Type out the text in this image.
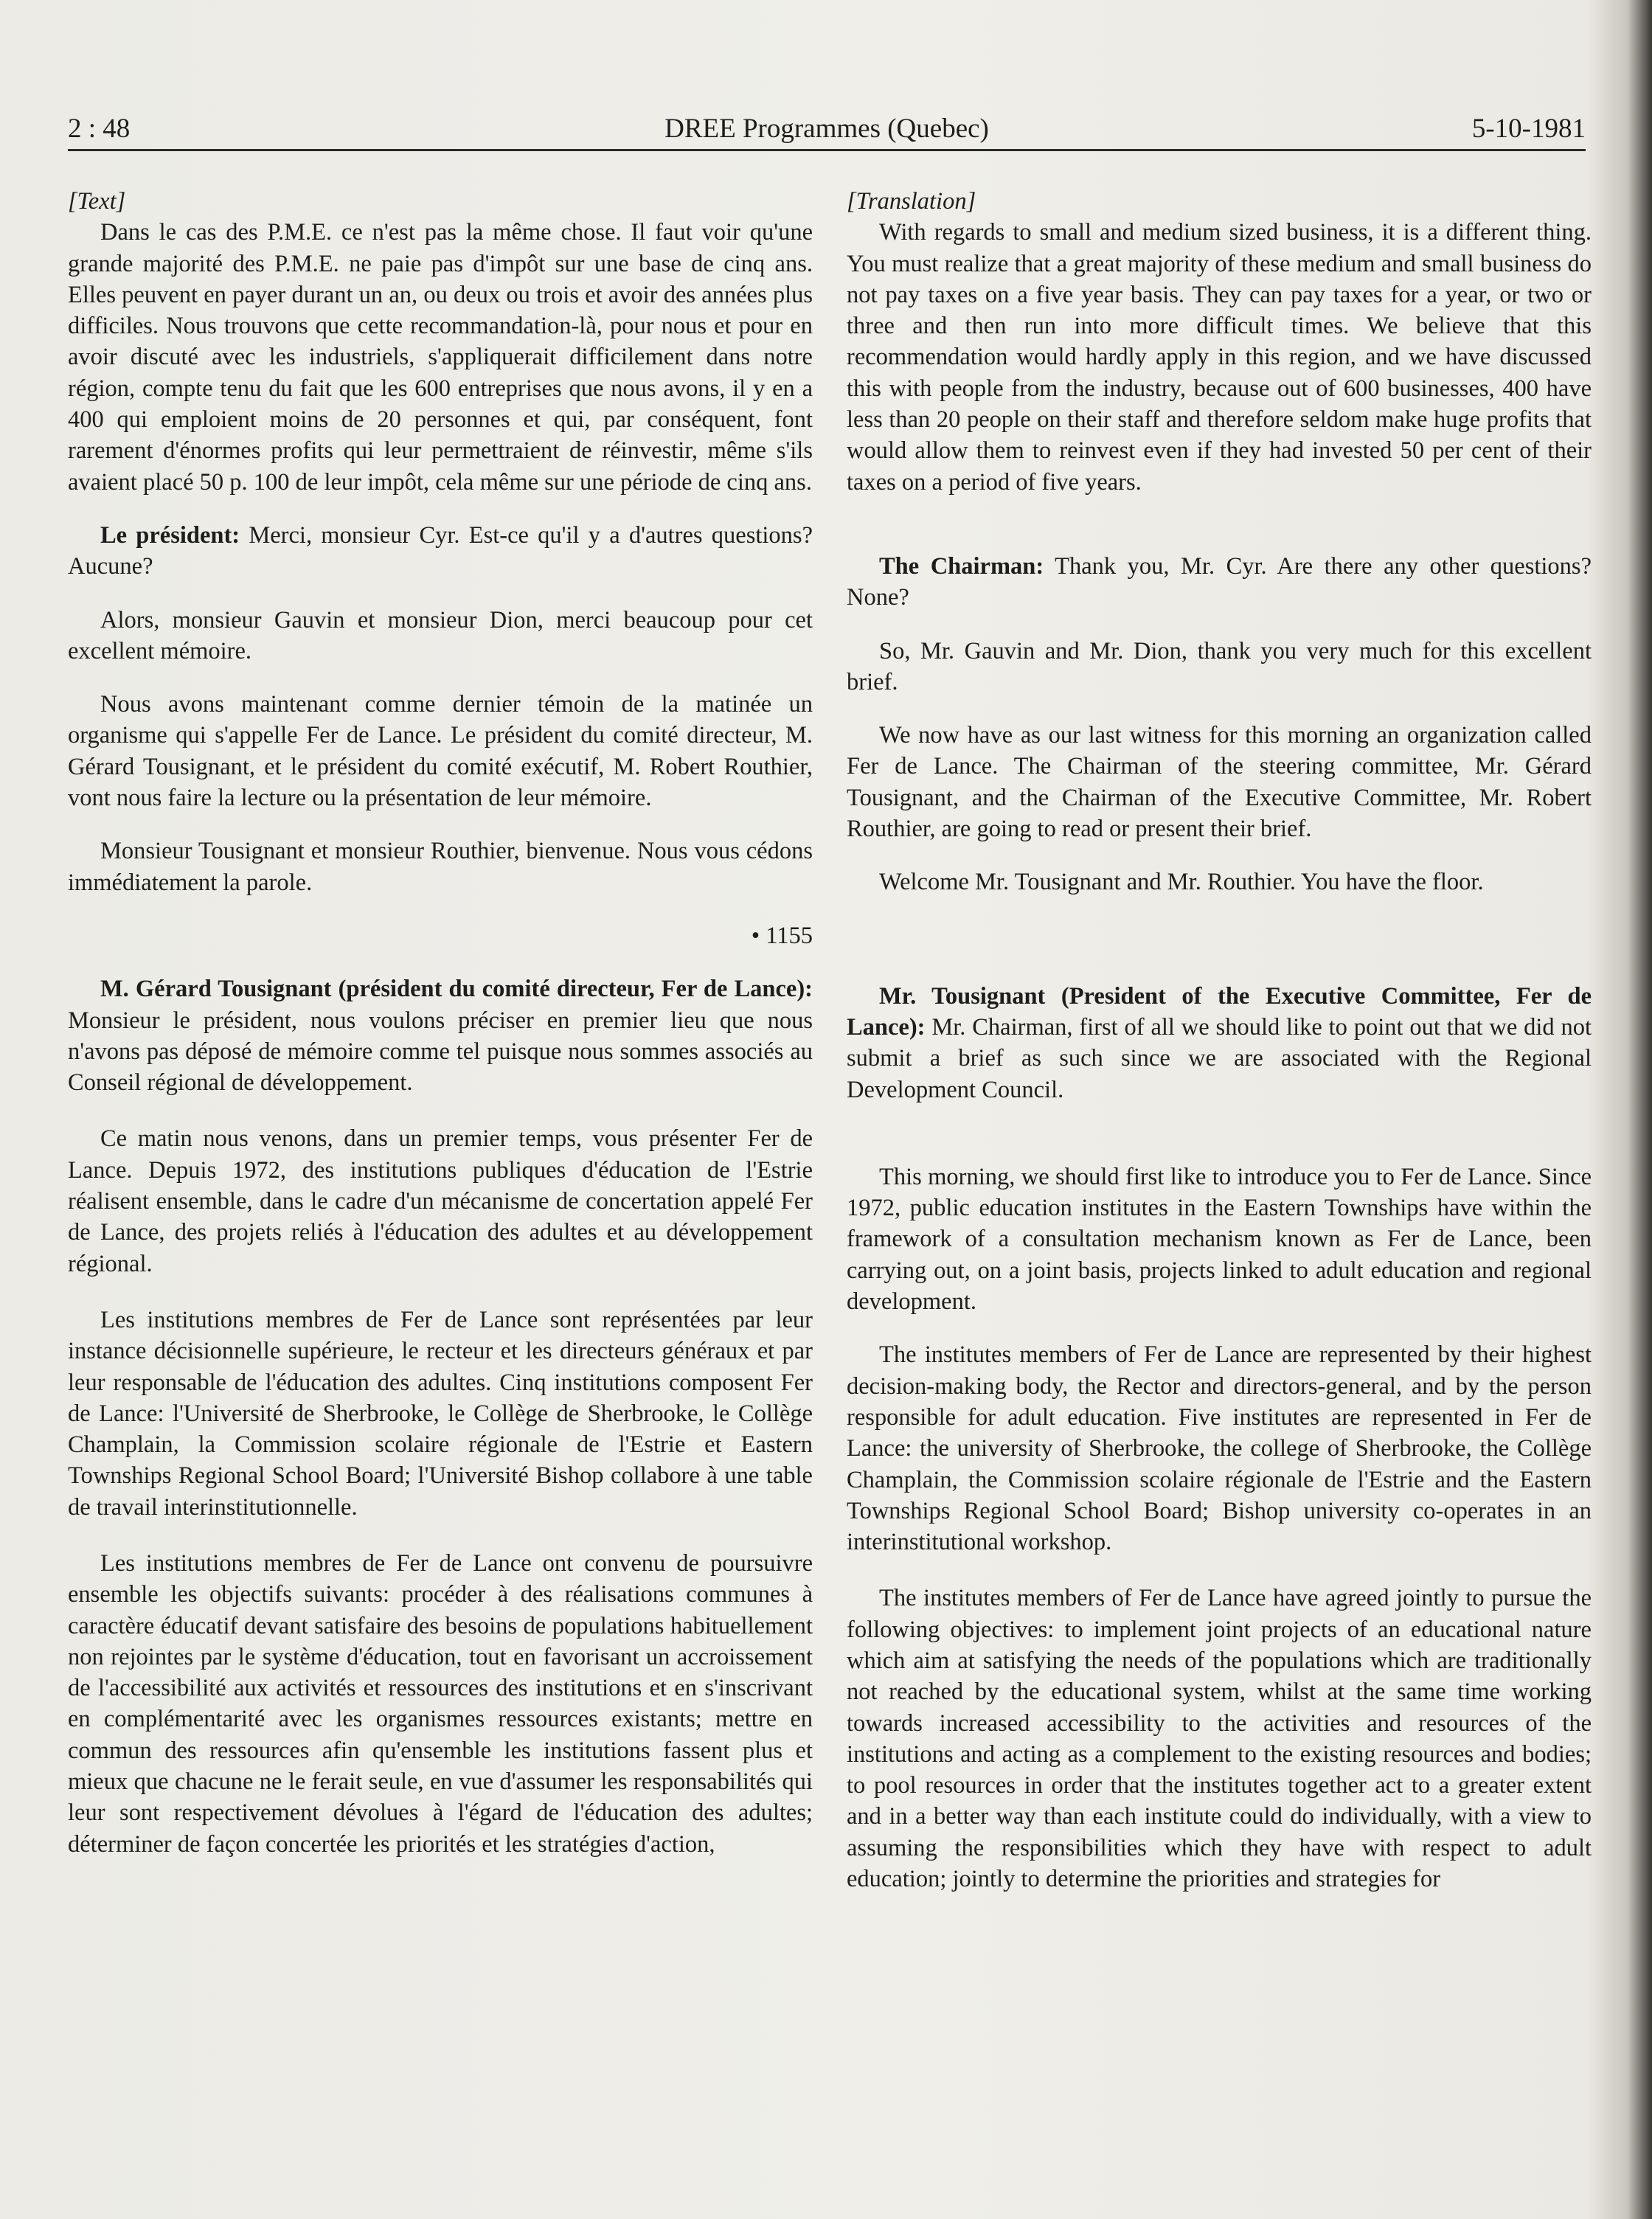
2 : 48	DREE Programmes (Quebec)	5-10-1981

[Text]

Dans le cas des P.M.E. ce n'est pas la même chose. Il faut voir qu'une grande majorité des P.M.E. ne paie pas d'impôt sur une base de cinq ans. Elles peuvent en payer durant un an, ou deux ou trois et avoir des années plus difficiles. Nous trouvons que cette recommandation-là, pour nous et pour en avoir discuté avec les industriels, s'appliquerait difficilement dans notre région, compte tenu du fait que les 600 entreprises que nous avons, il y en a 400 qui emploient moins de 20 personnes et qui, par conséquent, font rarement d'énormes profits qui leur permettraient de réinvestir, même s'ils avaient placé 50 p. 100 de leur impôt, cela même sur une période de cinq ans.

Le président: Merci, monsieur Cyr. Est-ce qu'il y a d'autres questions? Aucune?

Alors, monsieur Gauvin et monsieur Dion, merci beaucoup pour cet excellent mémoire.

Nous avons maintenant comme dernier témoin de la matinée un organisme qui s'appelle Fer de Lance. Le président du comité directeur, M. Gérard Tousignant, et le président du comité exécutif, M. Robert Routhier, vont nous faire la lecture ou la présentation de leur mémoire.

Monsieur Tousignant et monsieur Routhier, bienvenue. Nous vous cédons immédiatement la parole.

• 1155

M. Gérard Tousignant (président du comité directeur, Fer de Lance): Monsieur le président, nous voulons préciser en premier lieu que nous n'avons pas déposé de mémoire comme tel puisque nous sommes associés au Conseil régional de développement.

Ce matin nous venons, dans un premier temps, vous présenter Fer de Lance. Depuis 1972, des institutions publiques d'éducation de l'Estrie réalisent ensemble, dans le cadre d'un mécanisme de concertation appelé Fer de Lance, des projets reliés à l'éducation des adultes et au développement régional.

Les institutions membres de Fer de Lance sont représentées par leur instance décisionnelle supérieure, le recteur et les directeurs généraux et par leur responsable de l'éducation des adultes. Cinq institutions composent Fer de Lance: l'Université de Sherbrooke, le Collège de Sherbrooke, le Collège Champlain, la Commission scolaire régionale de l'Estrie et Eastern Townships Regional School Board; l'Université Bishop collabore à une table de travail interinstitutionnelle.

Les institutions membres de Fer de Lance ont convenu de poursuivre ensemble les objectifs suivants: procéder à des réalisations communes à caractère éducatif devant satisfaire des besoins de populations habituellement non rejointes par le système d'éducation, tout en favorisant un accroissement de l'accessibilité aux activités et ressources des institutions et en s'inscrivant en complémentarité avec les organismes ressources existants; mettre en commun des ressources afin qu'ensemble les institutions fassent plus et mieux que chacune ne le ferait seule, en vue d'assumer les responsabilités qui leur sont respectivement dévolues à l'égard de l'éducation des adultes; déterminer de façon concertée les priorités et les stratégies d'action,

[Translation]

With regards to small and medium sized business, it is a different thing. You must realize that a great majority of these medium and small business do not pay taxes on a five year basis. They can pay taxes for a year, or two or three and then run into more difficult times. We believe that this recommendation would hardly apply in this region, and we have discussed this with people from the industry, because out of 600 businesses, 400 have less than 20 people on their staff and therefore seldom make huge profits that would allow them to reinvest even if they had invested 50 per cent of their taxes on a period of five years.

The Chairman: Thank you, Mr. Cyr. Are there any other questions? None?

So, Mr. Gauvin and Mr. Dion, thank you very much for this excellent brief.

We now have as our last witness for this morning an organization called Fer de Lance. The Chairman of the steering committee, Mr. Gérard Tousignant, and the Chairman of the Executive Committee, Mr. Robert Routhier, are going to read or present their brief.

Welcome Mr. Tousignant and Mr. Routhier. You have the floor.

Mr. Tousignant (President of the Executive Committee, Fer de Lance): Mr. Chairman, first of all we should like to point out that we did not submit a brief as such since we are associated with the Regional Development Council.

This morning, we should first like to introduce you to Fer de Lance. Since 1972, public education institutes in the Eastern Townships have within the framework of a consultation mechanism known as Fer de Lance, been carrying out, on a joint basis, projects linked to adult education and regional development.

The institutes members of Fer de Lance are represented by their highest decision-making body, the Rector and directors-general, and by the person responsible for adult education. Five institutes are represented in Fer de Lance: the university of Sherbrooke, the college of Sherbrooke, the Collège Champlain, the Commission scolaire régionale de l'Estrie and the Eastern Townships Regional School Board; Bishop university co-operates in an interinstitutional workshop.

The institutes members of Fer de Lance have agreed jointly to pursue the following objectives: to implement joint projects of an educational nature which aim at satisfying the needs of the populations which are traditionally not reached by the educational system, whilst at the same time working towards increased accessibility to the activities and resources of the institutions and acting as a complement to the existing resources and bodies; to pool resources in order that the institutes together act to a greater extent and in a better way than each institute could do individually, with a view to assuming the responsibilities which they have with respect to adult education; jointly to determine the priorities and strategies for
